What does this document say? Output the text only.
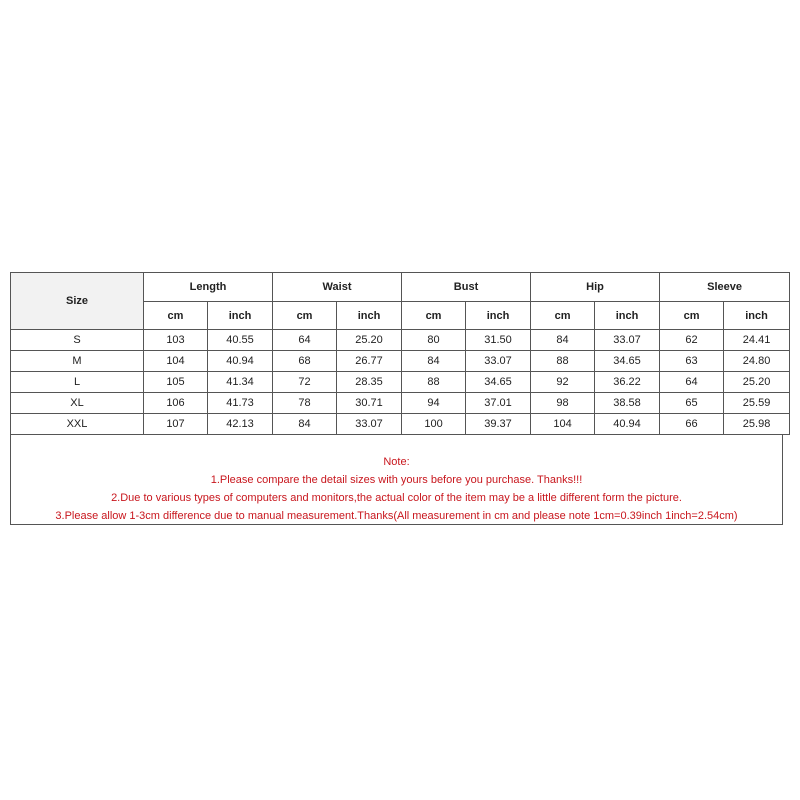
Size	Length		Waist		Bust		Hip		Sleeve	
	cm	inch	cm	inch	cm	inch	cm	inch	cm	inch
S	103	40.55	64	25.20	80	31.50	84	33.07	62	24.41
M	104	40.94	68	26.77	84	33.07	88	34.65	63	24.80
L	105	41.34	72	28.35	88	34.65	92	36.22	64	25.20
XL	106	41.73	78	30.71	94	37.01	98	38.58	65	25.59
XXL	107	42.13	84	33.07	100	39.37	104	40.94	66	25.98
Note:
1.Please compare the detail sizes with yours before you purchase. Thanks!!!
2.Due to various types of computers and monitors,the actual color of the item may be a little different form the picture.
3.Please allow 1-3cm difference due to manual measurement.Thanks(All measurement in cm and please note 1cm=0.39inch 1inch=2.54cm)
